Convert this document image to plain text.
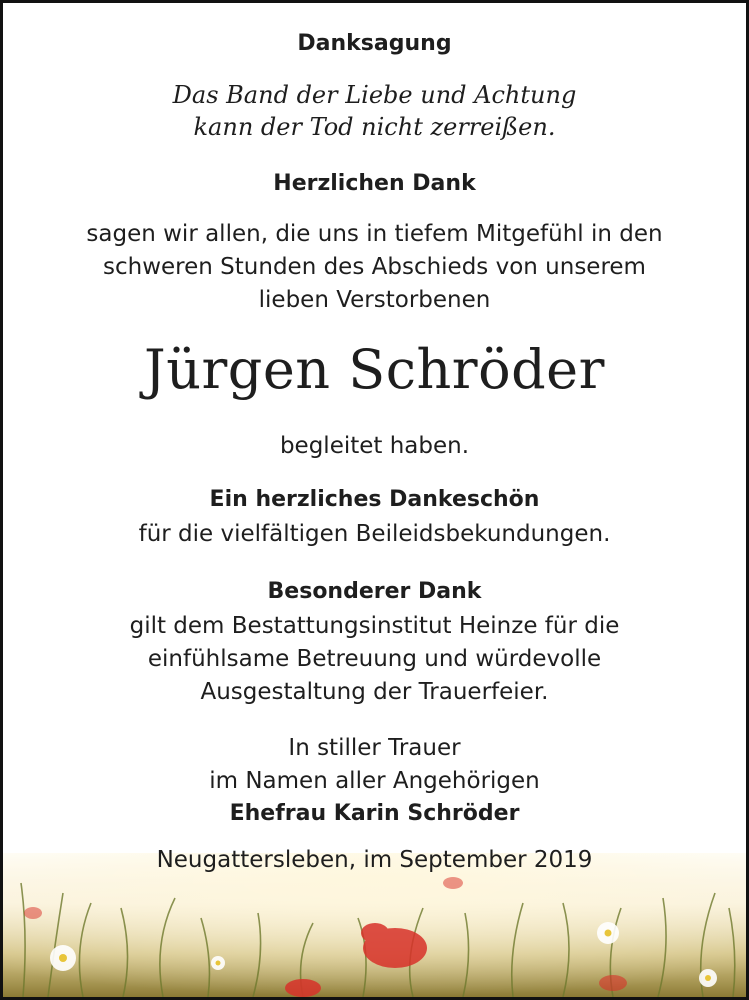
Danksagung
Das Band der Liebe und Achtung
kann der Tod nicht zerreißen.
Herzlichen Dank
sagen wir allen, die uns in tiefem Mitgefühl in den
schweren Stunden des Abschieds von unserem
lieben Verstorbenen
Jürgen Schröder
begleitet haben.
Ein herzliches Dankeschön
für die vielfältigen Beileidsbekundungen.
Besonderer Dank
gilt dem Bestattungsinstitut Heinze für die
einfühlsame Betreuung und würdevolle
Ausgestaltung der Trauerfeier.
In stiller Trauer
im Namen aller Angehörigen
Ehefrau Karin Schröder
Neugattersleben, im September 2019
